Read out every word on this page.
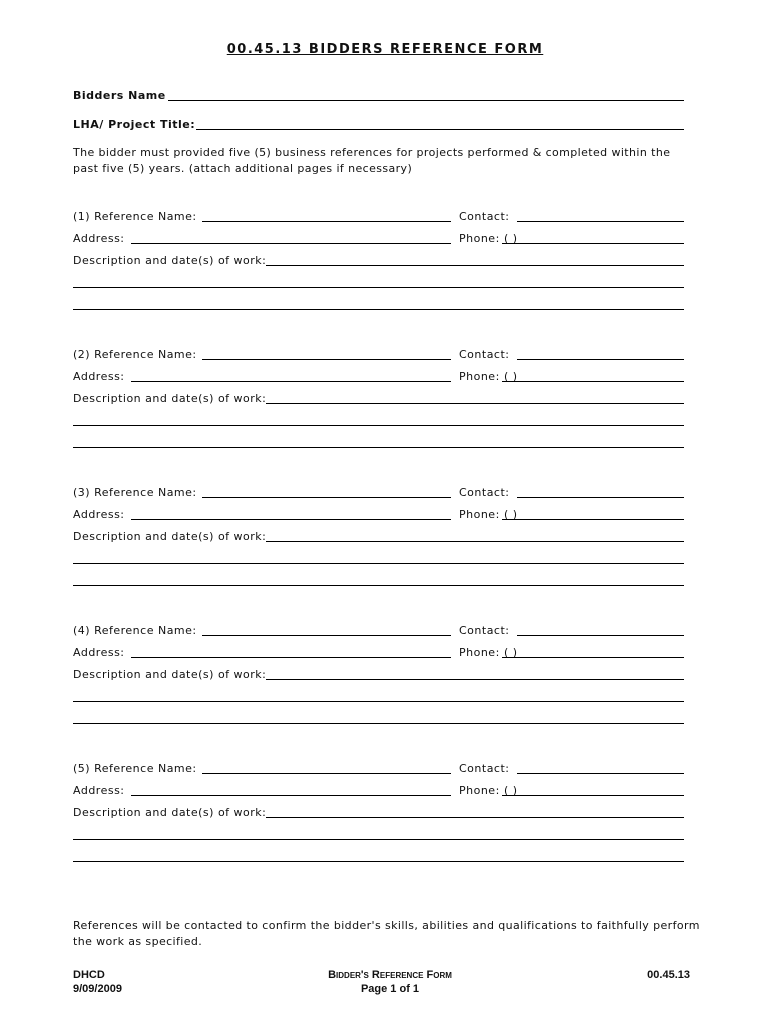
00.45.13 BIDDERS REFERENCE FORM
Bidders Name
LHA/ Project Title:
The bidder must provided five (5) business references for projects performed & completed within the past five (5) years. (attach additional pages if necessary)
(1) Reference Name:	Contact:
Address:	Phone: ( )
Description and date(s) of work:
(2) Reference Name:	Contact:
Address:	Phone: ( )
Description and date(s) of work:
(3) Reference Name:	Contact:
Address:	Phone: ( )
Description and date(s) of work:
(4) Reference Name:	Contact:
Address:	Phone: ( )
Description and date(s) of work:
(5) Reference Name:	Contact:
Address:	Phone: ( )
Description and date(s) of work:
References will be contacted to confirm the bidder's skills, abilities and qualifications to faithfully perform the work as specified.
DHCD
9/09/2009
Bidder's Reference Form
Page 1 of 1
00.45.13
